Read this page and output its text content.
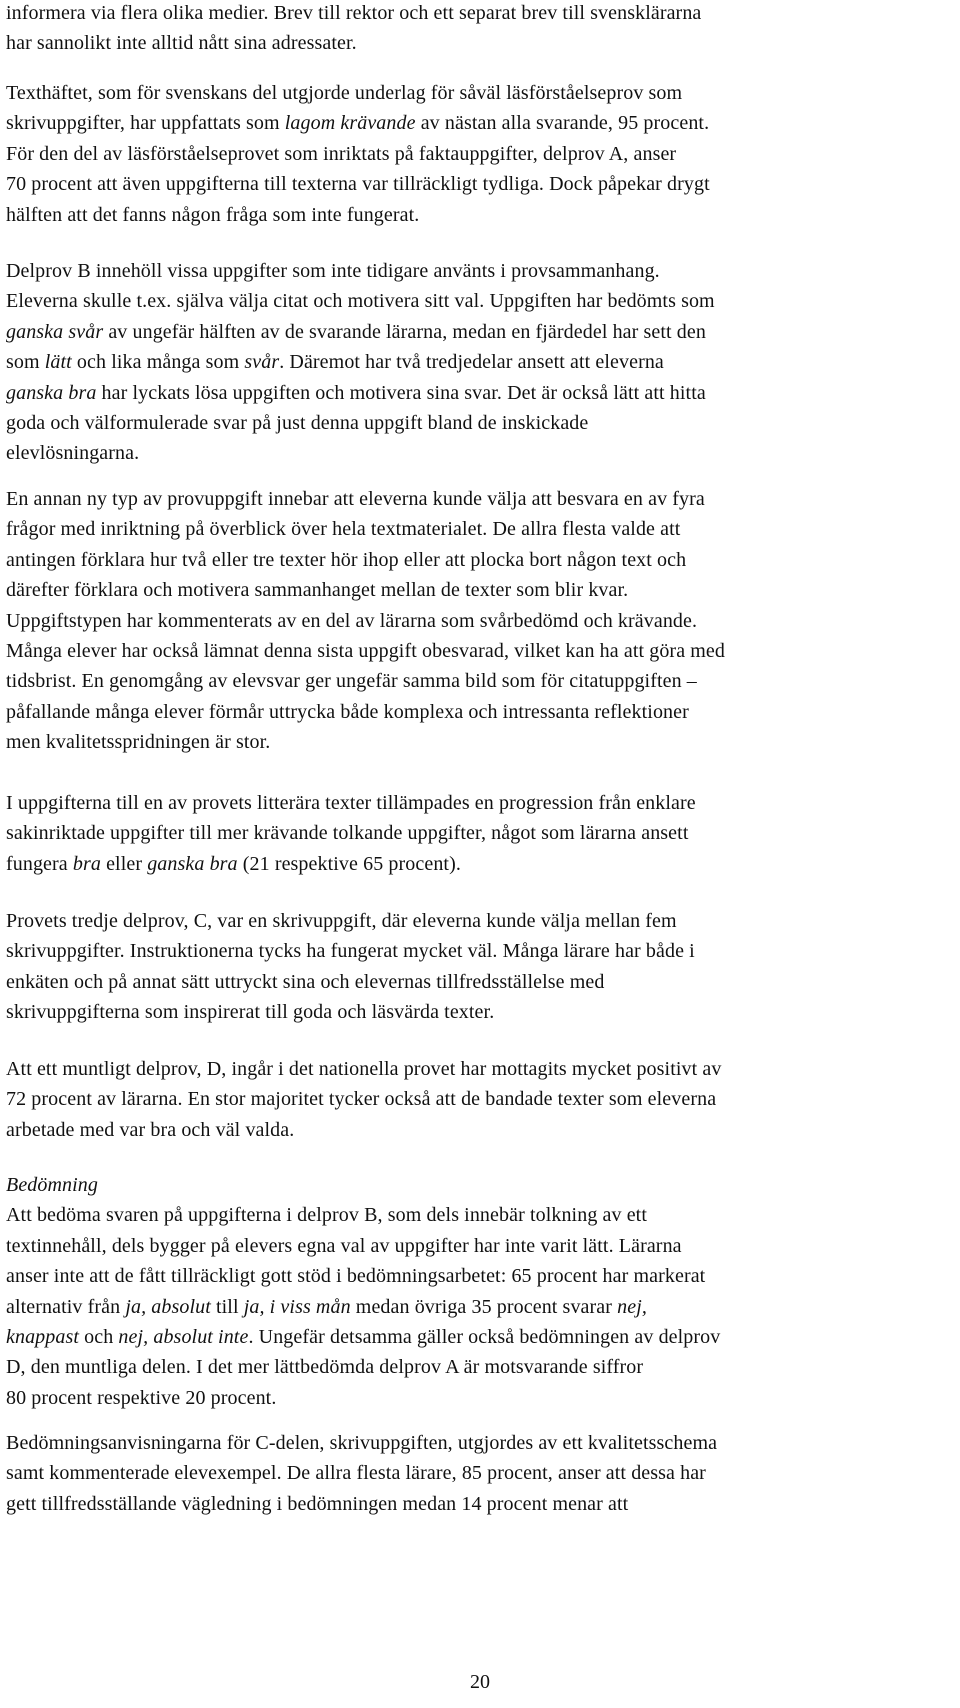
informera via flera olika medier. Brev till rektor och ett separat brev till svensklärarna
har sannolikt inte alltid nått sina adressater.

Texthäftet, som för svenskans del utgjorde underlag för såväl läsförståelseprov som
skrivuppgifter, har uppfattats som lagom krävande av nästan alla svarande, 95 procent.
För den del av läsförståelseprovet som inriktats på faktauppgifter, delprov A, anser
70 procent att även uppgifterna till texterna var tillräckligt tydliga. Dock påpekar drygt
hälften att det fanns någon fråga som inte fungerat.

Delprov B innehöll vissa uppgifter som inte tidigare använts i provsammanhang.
Eleverna skulle t.ex. själva välja citat och motivera sitt val. Uppgiften har bedömts som
ganska svår av ungefär hälften av de svarande lärarna, medan en fjärdedel har sett den
som lätt och lika många som svår. Däremot har två tredjedelar ansett att eleverna
ganska bra har lyckats lösa uppgiften och motivera sina svar. Det är också lätt att hitta
goda och välformulerade svar på just denna uppgift bland de inskickade
elevlösningarna.

En annan ny typ av provuppgift innebar att eleverna kunde välja att besvara en av fyra
frågor med inriktning på överblick över hela textmaterialet. De allra flesta valde att
antingen förklara hur två eller tre texter hör ihop eller att plocka bort någon text och
därefter förklara och motivera sammanhanget mellan de texter som blir kvar.
Uppgiftstypen har kommenterats av en del av lärarna som svårbedömd och krävande.
Många elever har också lämnat denna sista uppgift obesvarad, vilket kan ha att göra med
tidsbrist. En genomgång av elevsvar ger ungefär samma bild som för citatuppgiften –
påfallande många elever förmår uttrycka både komplexa och intressanta reflektioner
men kvalitetsspridningen är stor.

I uppgifterna till en av provets litterära texter tillämpades en progression från enklare
sakinriktade uppgifter till mer krävande tolkande uppgifter, något som lärarna ansett
fungera bra eller ganska bra (21 respektive 65 procent).

Provets tredje delprov, C, var en skrivuppgift, där eleverna kunde välja mellan fem
skrivuppgifter. Instruktionerna tycks ha fungerat mycket väl. Många lärare har både i
enkäten och på annat sätt uttryckt sina och elevernas tillfredsställelse med
skrivuppgifterna som inspirerat till goda och läsvärda texter.

Att ett muntligt delprov, D, ingår i det nationella provet har mottagits mycket positivt av
72 procent av lärarna. En stor majoritet tycker också att de bandade texter som eleverna
arbetade med var bra och väl valda.

Bedömning
Att bedöma svaren på uppgifterna i delprov B, som dels innebär tolkning av ett
textinnehåll, dels bygger på elevers egna val av uppgifter har inte varit lätt. Lärarna
anser inte att de fått tillräckligt gott stöd i bedömningsarbetet: 65 procent har markerat
alternativ från ja, absolut till ja, i viss mån medan övriga 35 procent svarar nej,
knappast och nej, absolut inte. Ungefär detsamma gäller också bedömningen av delprov
D, den muntliga delen. I det mer lättbedömda delprov A är motsvarande siffror
80 procent respektive 20 procent.

Bedömningsanvisningarna för C-delen, skrivuppgiften, utgjordes av ett kvalitetsschema
samt kommenterade elevexempel. De allra flesta lärare, 85 procent, anser att dessa har
gett tillfredsställande vägledning i bedömningen medan 14 procent menar att

20
